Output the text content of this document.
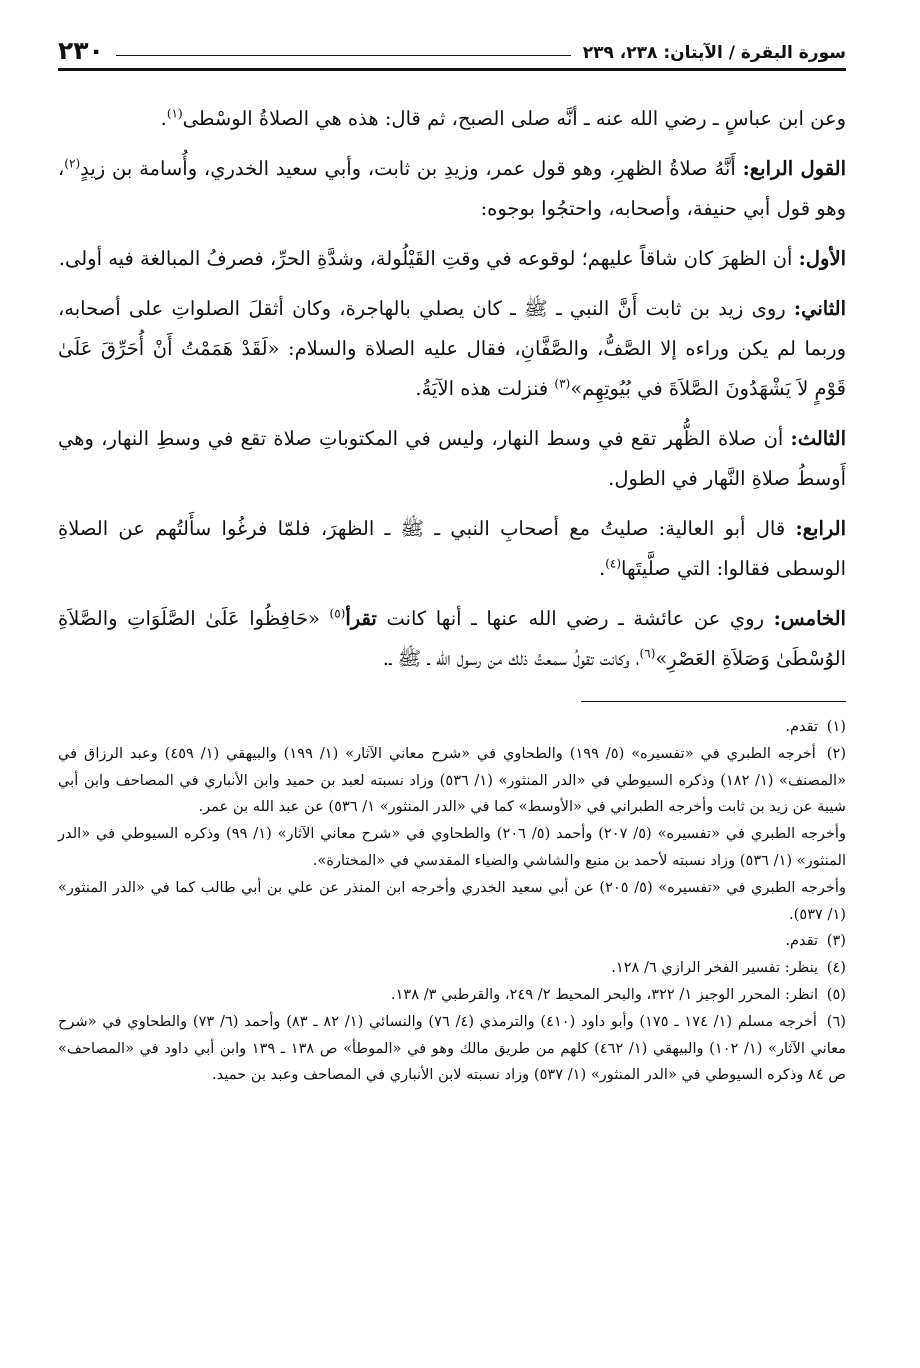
سورة البقرة / الآيتان: ٢٣٨، ٢٣٩
٢٣٠

وعن ابن عباسٍ ـ رضي الله عنه ـ أنَّه صلى الصبح، ثم قال: هذه هي الصلاةُ الوسْطى$^{(١)}$.

القول الرابع: أَنَّهُ صلاةُ الظهرِ، وهو قول عمر، وزيدِ بن ثابت، وأبي سعيد الخدري، وأُسامة بن زيدٍ$^{(٢)}$، وهو قول أبي حنيفة، وأصحابه، واحتجُوا بوجوه:

الأول: أن الظهرَ كان شاقاً عليهم؛ لوقوعه في وقتِ القَيْلُولة، وشدَّةِ الحرِّ، فصرفُ المبالغة فيه أولى.

الثاني: روى زيد بن ثابت أَنَّ النبي ـ ﷺ ـ كان يصلي بالهاجرة، وكان أثقلَ الصلواتِ على أصحابه، وربما لم يكن وراءه إلا الصَّفُّ، والصَّفَّانِ، فقال عليه الصلاة والسلام: «لَقَدْ هَمَمْتُ أَنْ أُحَرِّقَ عَلَىٰ قَوْمٍ لاَ يَشْهَدُونَ الصَّلاَةَ في بُيُوتِهِم»$^{(٣)}$ فنزلت هذه الآيَةُ.

الثالث: أن صلاة الظُّهر تقع في وسط النهار، وليس في المكتوباتِ صلاة تقع في وسطِ النهار، وهي أَوسطُ صلاةِ النَّهار في الطول.

الرابع: قال أبو العالية: صليتُ مع أصحابِ النبي ـ ﷺ ـ الظهرَ، فلمّا فرغُوا سأَلتُهم عن الصلاةِ الوسطى فقالوا: التي صلَّيتَها$^{(٤)}$.

الخامس: روي عن عائشة ـ رضي الله عنها ـ أنها كانت تقرأ$^{(٥)}$ «حَافِظُوا عَلَىٰ الصَّلَوَاتِ والصَّلاَةِ الوُسْطَىٰ وَصَلاَةِ العَصْرِ»$^{(٦)}$، وكانت تقولُ سمعتُ ذلك من رسول الله ـ ﷺ ـ.

(١) تقدم.

(٢) أخرجه الطبري في «تفسيره» (٥/ ١٩٩) والطحاوي في «شرح معاني الآثار» (١/ ١٩٩) والبيهقي (١/ ٤٥٩) وعبد الرزاق في «المصنف» (١/ ١٨٢) وذكره السيوطي في «الدر المنثور» (١/ ٥٣٦) وزاد نسبته لعبد بن حميد وابن الأنباري في المصاحف وابن أبي شيبة عن زيد بن ثابت وأخرجه الطبراني في «الأوسط» كما في «الدر المنثور» ١/ ٥٣٦) عن عبد الله بن عمر.

وأخرجه الطبري في «تفسيره» (٥/ ٢٠٧) وأحمد (٥/ ٢٠٦) والطحاوي في «شرح معاني الآثار» (١/ ٩٩) وذكره السيوطي في «الدر المنثور» (١/ ٥٣٦) وزاد نسبته لأحمد بن منيع والشاشي والضياء المقدسي في «المختارة».

وأخرجه الطبري في «تفسيره» (٥/ ٢٠٥) عن أبي سعيد الخدري وأخرجه ابن المنذر عن علي بن أبي طالب كما في «الدر المنثور» (١/ ٥٣٧).

(٣) تقدم.

(٤) ينظر: تفسير الفخر الرازي ٦/ ١٢٨.

(٥) انظر: المحرر الوجيز ١/ ٣٢٢، والبحر المحيط ٢/ ٢٤٩، والقرطبي ٣/ ١٣٨.

(٦) أخرجه مسلم (١/ ١٧٤ ـ ١٧٥) وأبو داود (٤١٠) والترمذي (٤/ ٧٦) والنسائي (١/ ٨٢ ـ ٨٣) وأحمد (٦/ ٧٣) والطحاوي في «شرح معاني الآثار» (١/ ١٠٢) والبيهقي (١/ ٤٦٢) كلهم من طريق مالك وهو في «الموطأ» ص ١٣٨ ـ ١٣٩ وابن أبي داود في «المصاحف» ص ٨٤ وذكره السيوطي في «الدر المنثور» (١/ ٥٣٧) وزاد نسبته لابن الأنباري في المصاحف وعبد بن حميد.
